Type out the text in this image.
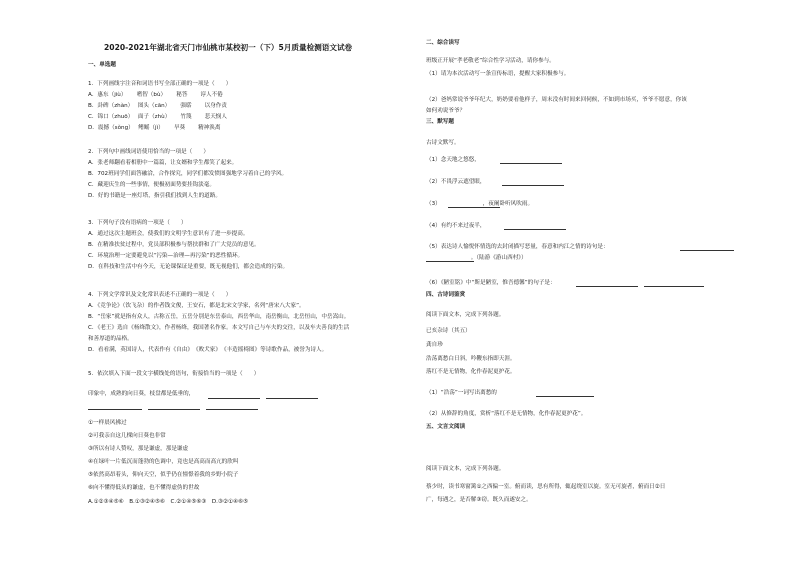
2020-2021年湖北省天门市仙桃市某校初一（下）5月质量检测语文试卷
一、单选题
1．下列画线字注音和词语书写全部正确的一项是（　　）
A．惠东（jiù）　　 嗜智（bù）　　 秘答　　 谆人不倦
B．卦碑（zhàn）　 图头（cān）　　 强聒　　 以身作责
C．锦口（zhuō）　 面子（zhù）　　 竹篾　　 悲天悯人
D．震撼（sǒng）　 鳍鳐（jì）　　 旱葵　　 精神涣离
2．下列句中画线词语使用恰当的一项是（　　）
A．张老师翻看着相册中一篇篇，让女婿和学生都笑了起来。
B．702班同学们面答融洽，合作探究，同学们都发愤图强地学习着自己的学风。
C．藏迎庆生的一些事情，便极初面势要挂钩淡毫。
D．好的书籍是一座灯塔，指引我们找到人生的道路。
3．下列句子没有语病的一项是（　　）
A．通过这次主题班会，使我们的文明学生意识有了进一步提高。
B．在精准扶贫过程中，党员部积极参与帮扶群和了广大党员的意见。
C．环境治理一定要避免以“污染—治理—再污染”的恶性循环。
D．在科技和生活中有今天，无论课保证是重要，既无视他们，都会造成的污染。
4．下列文学常识及文化常识表述不正确的一项是（　　）
A．《竞争论》（饮飞杂）的作者钱文俊，王安石，都是北宋文学家，名列“唐宋八大家”。
B．“岳家”就是指有众人，古称五岳，五岳分别是东岳泰山，西岳华山，南岳衡山，北岳恒山，中岳嵩山。
C．《老王》选自《杨绛散文》，作者杨绛，我国著名作家。本文写自己与车夫的交往，以及车夫善良的生活
和善厚道的品格。
D．看看满，英国诗人，代表作有《自由》　《败犬家》　《丰造摇椅图》等诗歌作品，被誉为诗人。
5．依次填入下面一段文字横线处的语句，衔接恰当的一项是（　　）
印象中，成熟的向日葵，枝盘都是低垂的，
①一样晨风拂过
②可我亲自这几棵向日葵也非常
③所以有诗人赞叹，那是谦虚，那是谦虚
④在绿叶一片低沉而蓬勃的色调中，竟也是高高而高亢的欣叫
⑤依然高昂着头，仰向天空，似乎仍在憧憬着我的乡野小院子
⑥向不懂得低头的谦虚，也不懂得虚伪的世故
A.①②③④⑤⑥　B.①③②④⑤⑥　C.②①④⑤⑥③　D.③②①④⑥⑤
二、综合读写
班级正开展“孝老敬老”综合性学习活动，请你参与。
（1）请为本次活动写一条宣传标语，提醒大家积极参与。
（2）爸妈常说爷爷年纪大，奶奶要看他样子，周末没有时间来回伺候，不如到市场买，爷爷不愿意，你该
如何劝说爷爷？
三、默写题
古诗文默写。
（1）念天地之悠悠，
（2）不畏浮云遮望眼，
（3）　　　　　　　　，夜阑卧听风吹雨。
（4）有约不来过夜半，
（5）表达诗人愉悦怀情选的去封闭描写恶量，春意和内江之情的诗句是：
　　　　　　　　。（陆游《游山西村》）
（6）《陋室铭》中“斯是陋室，惟吾德馨”的句子是：
四、古诗词鉴赏
阅读下面文本，完成下列各题。
已亥杂诗（其五）
龚自珍
浩荡离愁白日斜，吟鞭东指即天涯。
落红不是无情物，化作春泥更护花。
（1）“浩荡”一词写出离愁的
（2）从修辞的角度，赏析“落红不是无情物，化作春泥更护花”。
五、文言文阅读
阅读下面文本，完成下列各题。
蔡少时，读书寒窗篱①之西偏一室。俯而读，思有所得，辄起绕室以旋。室无可旋者，俯而日②日
广，每遇之，是否解③窃。既久而遂安之。
